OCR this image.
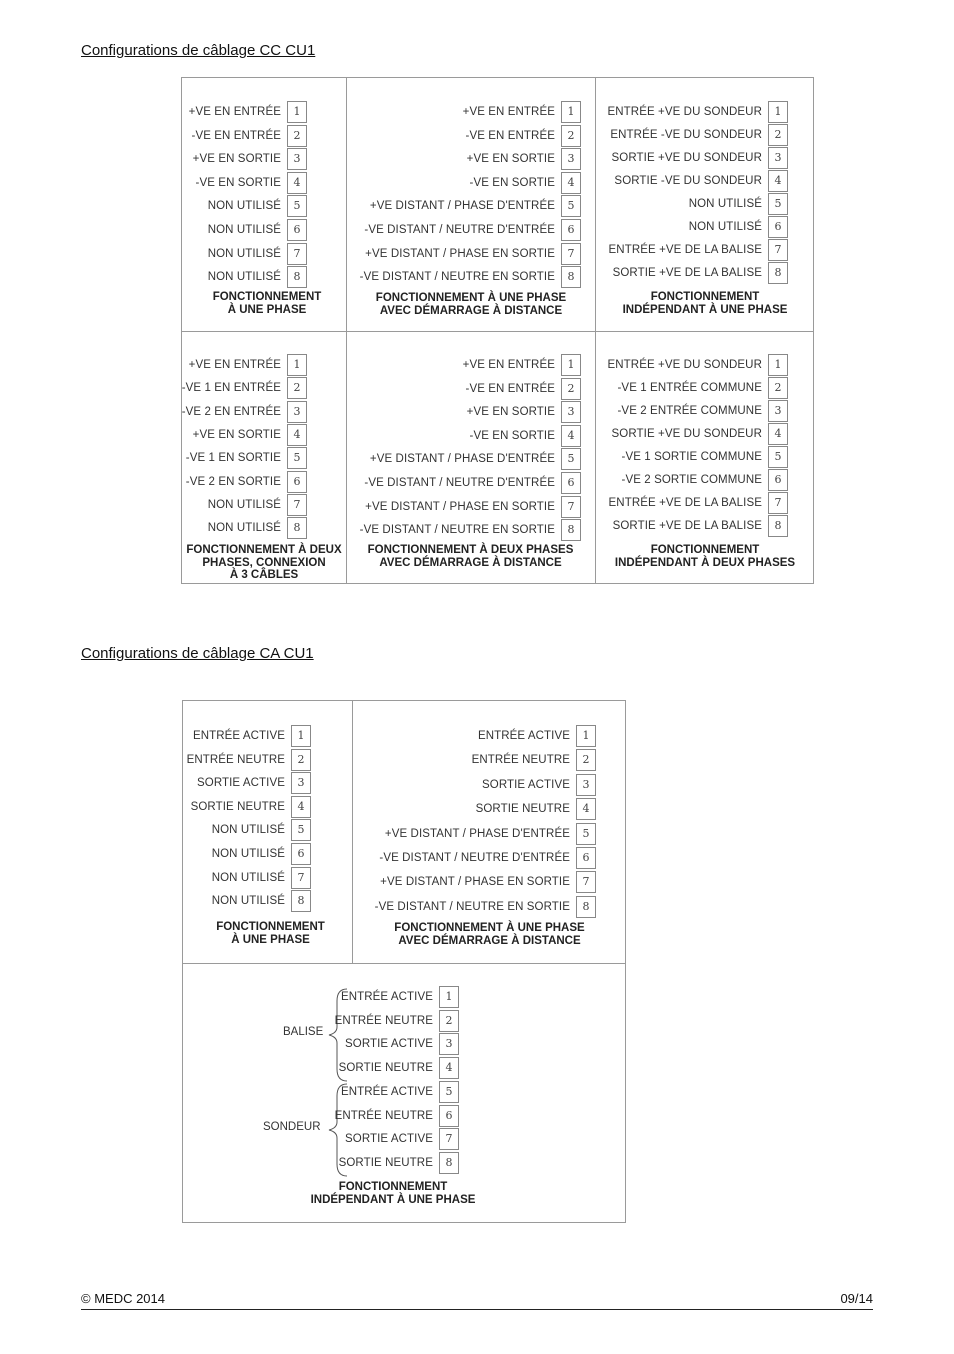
Configurations de câblage CC CU1
+VE EN ENTRÉE	1
-VE EN ENTRÉE	2
+VE EN SORTIE	3
-VE EN SORTIE	4
NON UTILISÉ	5
NON UTILISÉ	6
NON UTILISÉ	7
NON UTILISÉ	8
FONCTIONNEMENT
À UNE PHASE
+VE EN ENTRÉE	1
-VE EN ENTRÉE	2
+VE EN SORTIE	3
-VE EN SORTIE	4
+VE DISTANT / PHASE D'ENTRÉE	5
-VE DISTANT / NEUTRE D'ENTRÉE	6
+VE DISTANT / PHASE EN SORTIE	7
-VE DISTANT / NEUTRE EN SORTIE	8
FONCTIONNEMENT À UNE PHASE
AVEC DÉMARRAGE À DISTANCE
ENTRÉE +VE DU SONDEUR	1
ENTRÉE -VE DU SONDEUR	2
SORTIE +VE DU SONDEUR	3
SORTIE -VE DU SONDEUR	4
NON UTILISÉ	5
NON UTILISÉ	6
ENTRÉE +VE DE LA BALISE	7
SORTIE +VE DE LA BALISE	8
FONCTIONNEMENT
INDÉPENDANT À UNE PHASE
+VE EN ENTRÉE	1
-VE 1 EN ENTRÉE	2
-VE 2 EN ENTRÉE	3
+VE EN SORTIE	4
-VE 1 EN SORTIE	5
-VE 2 EN SORTIE	6
NON UTILISÉ	7
NON UTILISÉ	8
FONCTIONNEMENT À DEUX
PHASES, CONNEXION
À 3 CÂBLES
+VE EN ENTRÉE	1
-VE EN ENTRÉE	2
+VE EN SORTIE	3
-VE EN SORTIE	4
+VE DISTANT / PHASE D'ENTRÉE	5
-VE DISTANT / NEUTRE D'ENTRÉE	6
+VE DISTANT / PHASE EN SORTIE	7
-VE DISTANT / NEUTRE EN SORTIE	8
FONCTIONNEMENT À DEUX PHASES
AVEC DÉMARRAGE À DISTANCE
ENTRÉE +VE DU SONDEUR	1
-VE 1 ENTRÉE COMMUNE	2
-VE 2 ENTRÉE COMMUNE	3
SORTIE +VE DU SONDEUR	4
-VE 1 SORTIE COMMUNE	5
-VE 2 SORTIE COMMUNE	6
ENTRÉE +VE DE LA BALISE	7
SORTIE +VE DE LA BALISE	8
FONCTIONNEMENT
INDÉPENDANT À DEUX PHASES
Configurations de câblage CA CU1
ENTRÉE ACTIVE	1
ENTRÉE NEUTRE	2
SORTIE ACTIVE	3
SORTIE NEUTRE	4
NON UTILISÉ	5
NON UTILISÉ	6
NON UTILISÉ	7
NON UTILISÉ	8
FONCTIONNEMENT
À UNE PHASE
ENTRÉE ACTIVE	1
ENTRÉE NEUTRE	2
SORTIE ACTIVE	3
SORTIE NEUTRE	4
+VE DISTANT / PHASE D'ENTRÉE	5
-VE DISTANT / NEUTRE D'ENTRÉE	6
+VE DISTANT / PHASE EN SORTIE	7
-VE DISTANT / NEUTRE EN SORTIE	8
FONCTIONNEMENT À UNE PHASE
AVEC DÉMARRAGE À DISTANCE
BALISE
SONDEUR
ENTRÉE ACTIVE	1
ENTRÉE NEUTRE	2
SORTIE ACTIVE	3
SORTIE NEUTRE	4
ENTRÉE ACTIVE	5
ENTRÉE NEUTRE	6
SORTIE ACTIVE	7
SORTIE NEUTRE	8
FONCTIONNEMENT
INDÉPENDANT À UNE PHASE
© MEDC 2014	09/14
